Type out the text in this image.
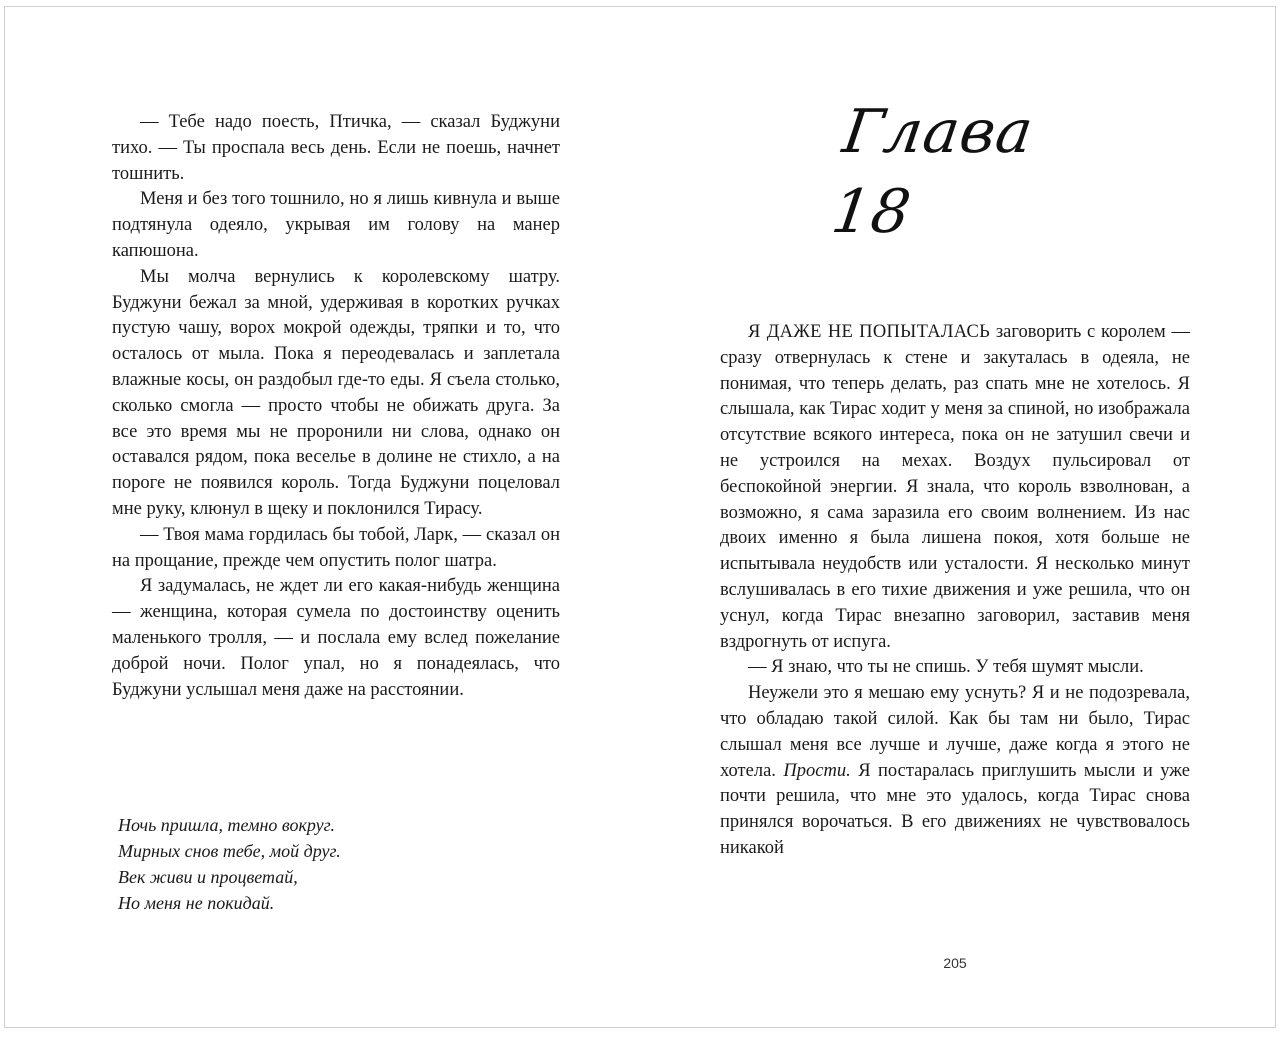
— Тебе надо поесть, Птичка, — сказал Буджуни тихо. — Ты проспала весь день. Если не поешь, начнет тошнить.

Меня и без того тошнило, но я лишь кивнула и выше подтянула одеяло, укрывая им голову на манер капюшона.

Мы молча вернулись к королевскому шатру. Буджуни бежал за мной, удерживая в коротких ручках пустую чашу, ворох мокрой одежды, тряпки и то, что осталось от мыла. Пока я переодевалась и заплетала влажные косы, он раздобыл где-то еды. Я съела столько, сколько смогла — просто чтобы не обижать друга. За все это время мы не проронили ни слова, однако он оставался рядом, пока веселье в долине не стихло, а на пороге не появился король. Тогда Буджуни поцеловал мне руку, клюнул в щеку и поклонился Тирасу.

— Твоя мама гордилась бы тобой, Ларк, — сказал он на прощание, прежде чем опустить полог шатра.

Я задумалась, не ждет ли его какая-нибудь женщина — женщина, которая сумела по достоинству оценить маленького тролля, — и послала ему вслед пожелание доброй ночи. Полог упал, но я понадеялась, что Буджуни услышал меня даже на расстоянии.

Ночь пришла, темно вокруг.
Мирных снов тебе, мой друг.
Век живи и процветай,
Но меня не покидай.
Глава 18

Я ДАЖЕ НЕ ПОПЫТАЛАСЬ заговорить с королем — сразу отвернулась к стене и закуталась в одеяла, не понимая, что теперь делать, раз спать мне не хотелось. Я слышала, как Тирас ходит у меня за спиной, но изображала отсутствие всякого интереса, пока он не затушил свечи и не устроился на мехах. Воздух пульсировал от беспокойной энергии. Я знала, что король взволнован, а возможно, я сама заразила его своим волнением. Из нас двоих именно я была лишена покоя, хотя больше не испытывала неудобств или усталости. Я несколько минут вслушивалась в его тихие движения и уже решила, что он уснул, когда Тирас внезапно заговорил, заставив меня вздрогнуть от испуга.

— Я знаю, что ты не спишь. У тебя шумят мысли.

Неужели это я мешаю ему уснуть? Я и не подозревала, что обладаю такой силой. Как бы там ни было, Тирас слышал меня все лучше и лучше, даже когда я этого не хотела. Прости. Я постаралась приглушить мысли и уже почти решила, что мне это удалось, когда Тирас снова принялся ворочаться. В его движениях не чувствовалось никакой

205
